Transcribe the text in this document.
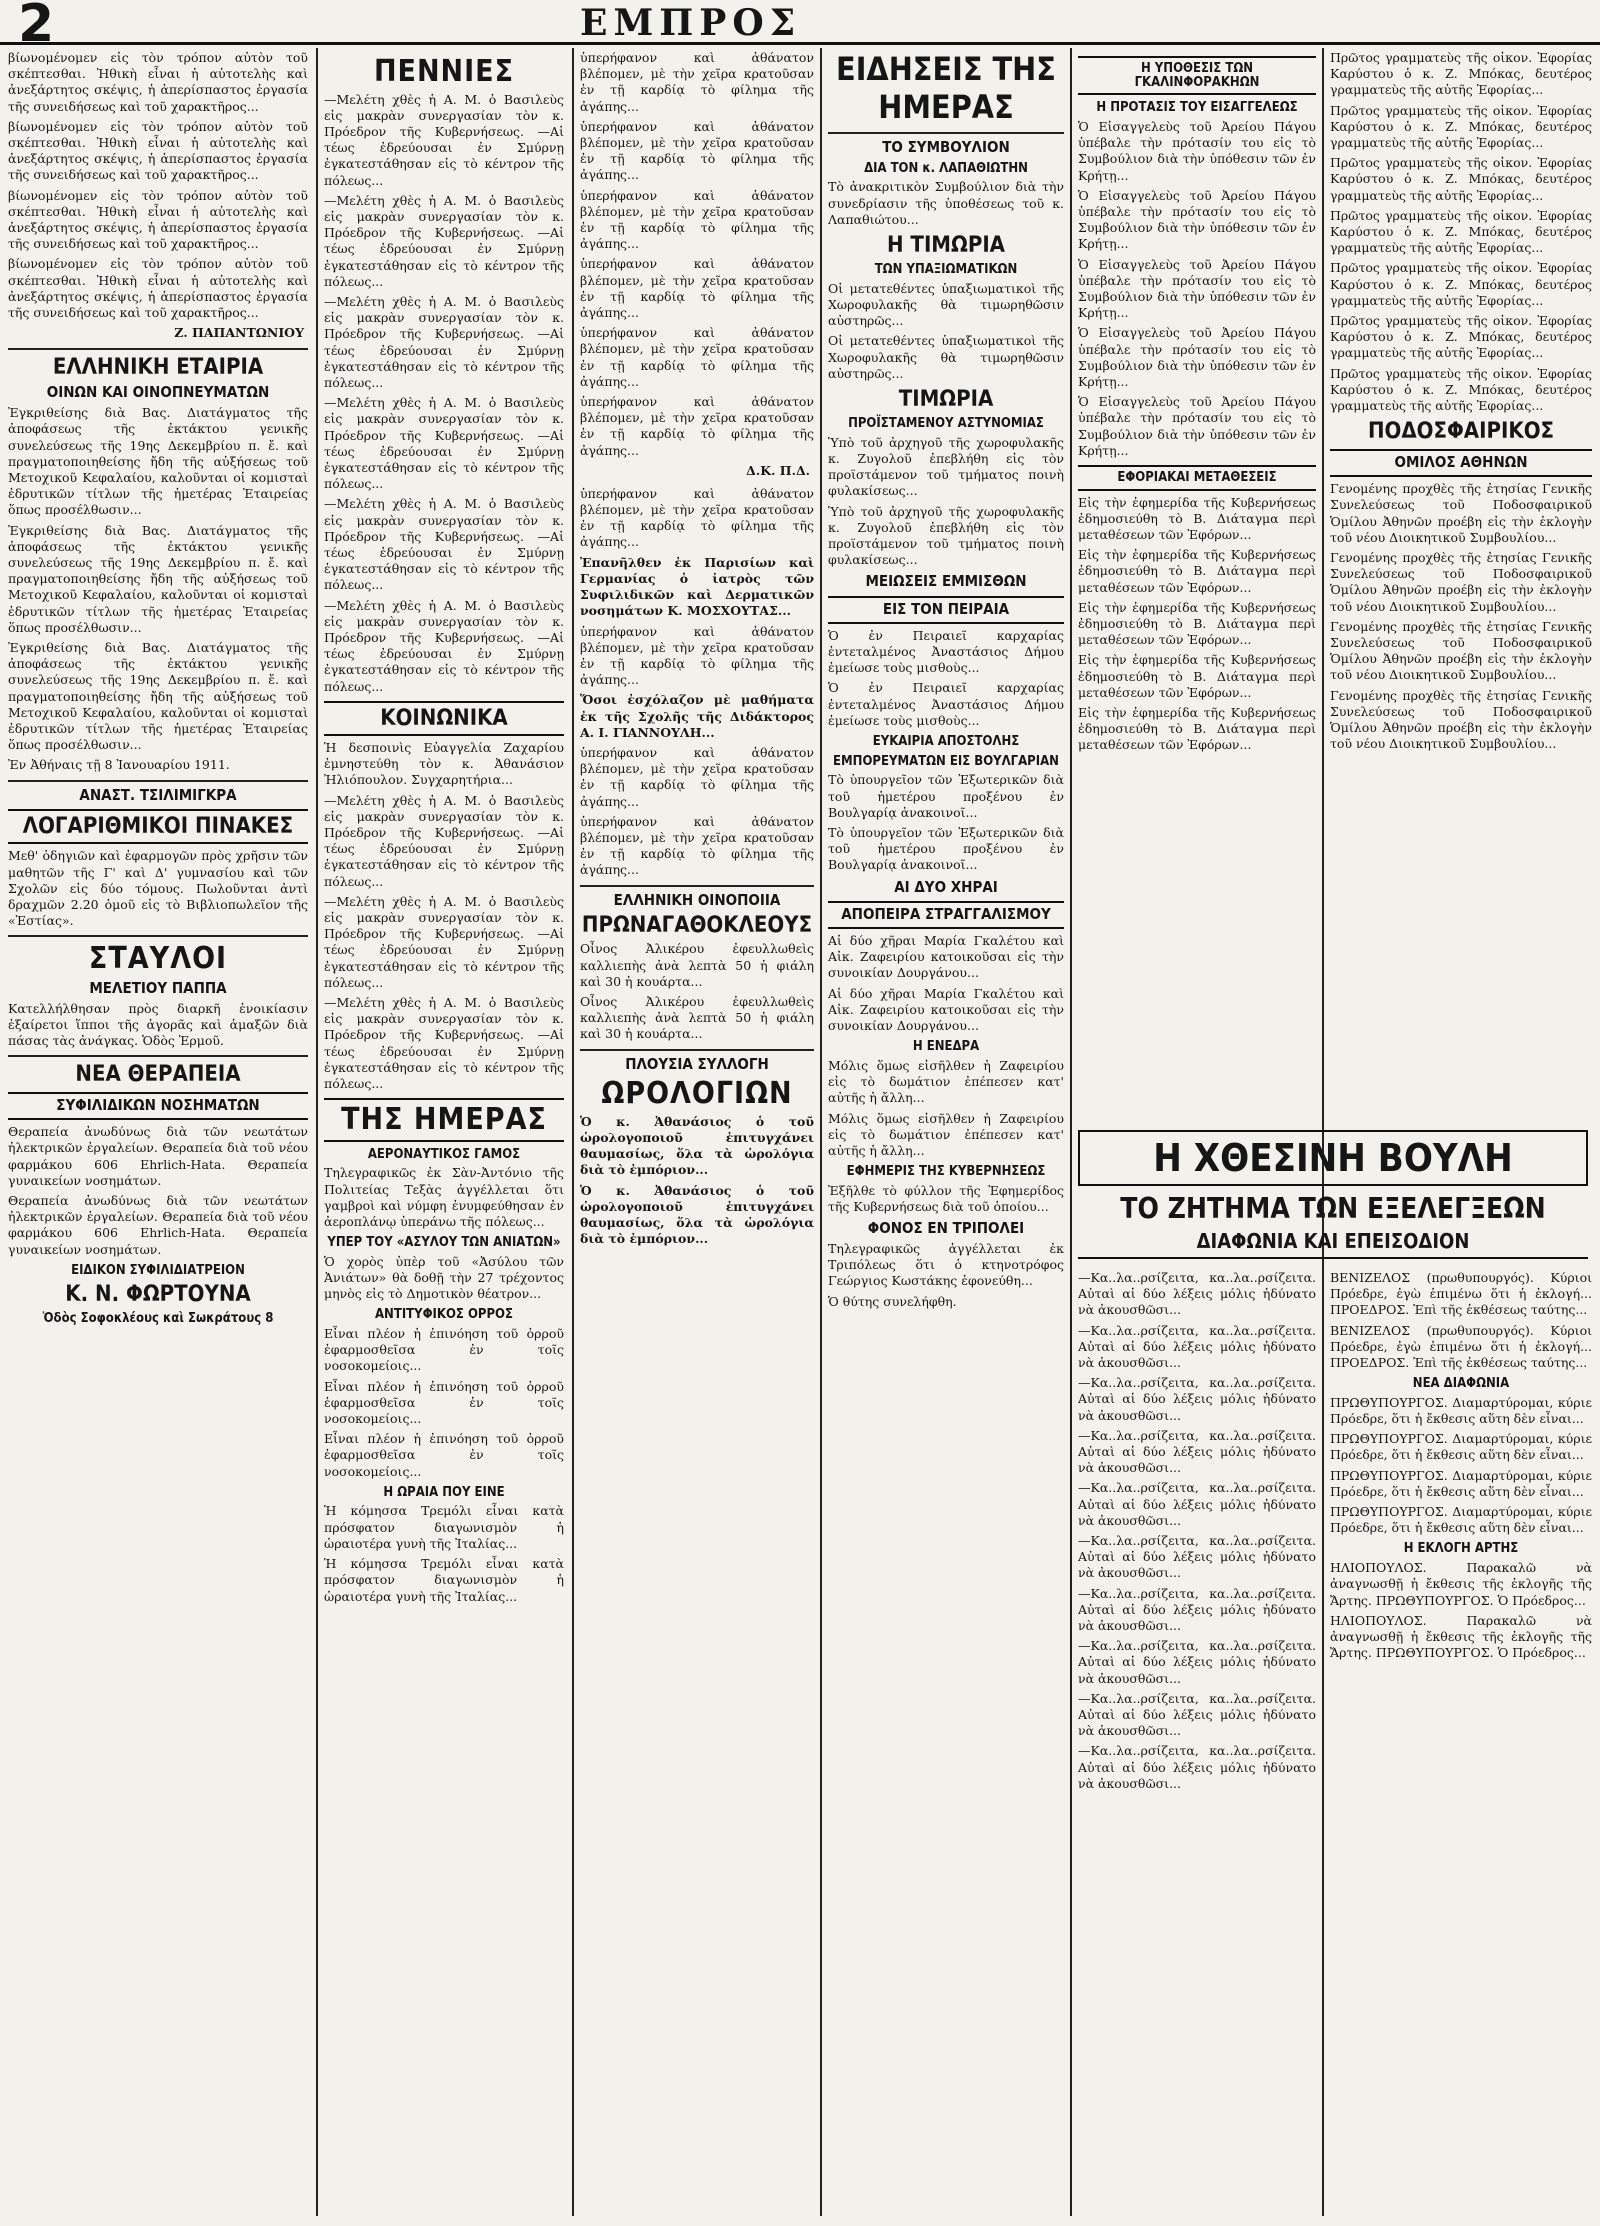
2	ΕΜΠΡΟΣ

βίωνομένομεν εἰς τὸν τρόπον αὐτὸν τοῦ σκέπτεσθαι. Ἠθικὴ εἶναι ἡ αὐτοτελὴς καὶ ἀνεξάρτητος σκέψις, ἡ ἀπερίσπαστος ἐργασία τῆς συνειδήσεως καὶ τοῦ χαρακτῆρος...

βίωνομένομεν εἰς τὸν τρόπον αὐτὸν τοῦ σκέπτεσθαι. Ἠθικὴ εἶναι ἡ αὐτοτελὴς καὶ ἀνεξάρτητος σκέψις, ἡ ἀπερίσπαστος ἐργασία τῆς συνειδήσεως καὶ τοῦ χαρακτῆρος...

βίωνομένομεν εἰς τὸν τρόπον αὐτὸν τοῦ σκέπτεσθαι. Ἠθικὴ εἶναι ἡ αὐτοτελὴς καὶ ἀνεξάρτητος σκέψις, ἡ ἀπερίσπαστος ἐργασία τῆς συνειδήσεως καὶ τοῦ χαρακτῆρος...

βίωνομένομεν εἰς τὸν τρόπον αὐτὸν τοῦ σκέπτεσθαι. Ἠθικὴ εἶναι ἡ αὐτοτελὴς καὶ ἀνεξάρτητος σκέψις, ἡ ἀπερίσπαστος ἐργασία τῆς συνειδήσεως καὶ τοῦ χαρακτῆρος...

Ζ. ΠΑΠΑΝΤΩΝΙΟΥ
ΕΛΛΗΝΙΚΗ ΕΤΑΙΡΙΑ
ΟΙΝΩΝ ΚΑΙ ΟΙΝΟΠΝΕΥΜΑΤΩΝ

Ἐγκριθείσης διὰ Βας. Διατάγματος τῆς ἀποφάσεως τῆς ἐκτάκτου γενικῆς συνελεύσεως τῆς 19ης Δεκεμβρίου π. ἔ. καὶ πραγματοποιηθείσης ἤδη τῆς αὐξήσεως τοῦ Μετοχικοῦ Κεφαλαίου, καλοῦνται οἱ κομισταὶ ἐδρυτικῶν τίτλων τῆς ἡμετέρας Ἑταιρείας ὅπως προσέλθωσιν...

Ἐγκριθείσης διὰ Βας. Διατάγματος τῆς ἀποφάσεως τῆς ἐκτάκτου γενικῆς συνελεύσεως τῆς 19ης Δεκεμβρίου π. ἔ. καὶ πραγματοποιηθείσης ἤδη τῆς αὐξήσεως τοῦ Μετοχικοῦ Κεφαλαίου, καλοῦνται οἱ κομισταὶ ἐδρυτικῶν τίτλων τῆς ἡμετέρας Ἑταιρείας ὅπως προσέλθωσιν...

Ἐγκριθείσης διὰ Βας. Διατάγματος τῆς ἀποφάσεως τῆς ἐκτάκτου γενικῆς συνελεύσεως τῆς 19ης Δεκεμβρίου π. ἔ. καὶ πραγματοποιηθείσης ἤδη τῆς αὐξήσεως τοῦ Μετοχικοῦ Κεφαλαίου, καλοῦνται οἱ κομισταὶ ἐδρυτικῶν τίτλων τῆς ἡμετέρας Ἑταιρείας ὅπως προσέλθωσιν...

Ἐν Ἀθήναις τῇ 8 Ἰανουαρίου 1911.

ΑΝΑΣΤ. ΤΣΙΛΙΜΙΓΚΡΑ
ΛΟΓΑΡΙΘΜΙΚΟΙ ΠΙΝΑΚΕΣ

Μεθ' ὁδηγιῶν καὶ ἐφαρμογῶν πρὸς χρῆσιν τῶν μαθητῶν τῆς Γ' καὶ Δ' γυμνασίου καὶ τῶν Σχολῶν εἰς δύο τόμους. Πωλοῦνται ἀντὶ δραχμῶν 2.20 ὁμοῦ εἰς τὸ Βιβλιοπωλεῖον τῆς «Ἑστίας».

ΣΤΑΥΛΟΙ
ΜΕΛΕΤΙΟΥ ΠΑΠΠΑ

Κατελλήλθησαν πρὸς διαρκῆ ἐνοικίασιν ἐξαίρετοι ἵπποι τῆς ἀγορᾶς καὶ ἁμαξῶν διὰ πάσας τὰς ἀνάγκας. Ὁδὸς Ἑρμοῦ.

ΝΕΑ ΘΕΡΑΠΕΙΑ
ΣΥΦΙΛΙΔΙΚΩΝ ΝΟΣΗΜΑΤΩΝ

Θεραπεία ἀνωδύνως διὰ τῶν νεωτάτων ἠλεκτρικῶν ἐργαλείων. Θεραπεία διὰ τοῦ νέου φαρμάκου 606 Ehrlich-Hata. Θεραπεία γυναικείων νοσημάτων.

Θεραπεία ἀνωδύνως διὰ τῶν νεωτάτων ἠλεκτρικῶν ἐργαλείων. Θεραπεία διὰ τοῦ νέου φαρμάκου 606 Ehrlich-Hata. Θεραπεία γυναικείων νοσημάτων.

ΕΙΔΙΚΟΝ ΣΥΦΙΛΙΔΙΑΤΡΕΙΟΝ
Κ. Ν. ΦΩΡΤΟΥΝΑ
Ὁδὸς Σοφοκλέους καὶ Σωκράτους 8
ΠΕΝΝΙΕΣ

—Μελέτη χθὲς ἡ Α. Μ. ὁ Βασιλεὺς εἰς μακρὰν συνεργασίαν τὸν κ. Πρόεδρον τῆς Κυβερνήσεως. —Αἱ τέως ἐδρεύουσαι ἐν Σμύρνῃ ἐγκατεστάθησαν εἰς τὸ κέντρον τῆς πόλεως...

—Μελέτη χθὲς ἡ Α. Μ. ὁ Βασιλεὺς εἰς μακρὰν συνεργασίαν τὸν κ. Πρόεδρον τῆς Κυβερνήσεως. —Αἱ τέως ἐδρεύουσαι ἐν Σμύρνῃ ἐγκατεστάθησαν εἰς τὸ κέντρον τῆς πόλεως...

—Μελέτη χθὲς ἡ Α. Μ. ὁ Βασιλεὺς εἰς μακρὰν συνεργασίαν τὸν κ. Πρόεδρον τῆς Κυβερνήσεως. —Αἱ τέως ἐδρεύουσαι ἐν Σμύρνῃ ἐγκατεστάθησαν εἰς τὸ κέντρον τῆς πόλεως...

—Μελέτη χθὲς ἡ Α. Μ. ὁ Βασιλεὺς εἰς μακρὰν συνεργασίαν τὸν κ. Πρόεδρον τῆς Κυβερνήσεως. —Αἱ τέως ἐδρεύουσαι ἐν Σμύρνῃ ἐγκατεστάθησαν εἰς τὸ κέντρον τῆς πόλεως...

—Μελέτη χθὲς ἡ Α. Μ. ὁ Βασιλεὺς εἰς μακρὰν συνεργασίαν τὸν κ. Πρόεδρον τῆς Κυβερνήσεως. —Αἱ τέως ἐδρεύουσαι ἐν Σμύρνῃ ἐγκατεστάθησαν εἰς τὸ κέντρον τῆς πόλεως...

—Μελέτη χθὲς ἡ Α. Μ. ὁ Βασιλεὺς εἰς μακρὰν συνεργασίαν τὸν κ. Πρόεδρον τῆς Κυβερνήσεως. —Αἱ τέως ἐδρεύουσαι ἐν Σμύρνῃ ἐγκατεστάθησαν εἰς τὸ κέντρον τῆς πόλεως...

ΚΟΙΝΩΝΙΚΑ

Ἡ δεσποινὶς Εὐαγγελία Ζαχαρίου ἐμνηστεύθη τὸν κ. Ἀθανάσιον Ἠλιόπουλον. Συγχαρητήρια...

—Μελέτη χθὲς ἡ Α. Μ. ὁ Βασιλεὺς εἰς μακρὰν συνεργασίαν τὸν κ. Πρόεδρον τῆς Κυβερνήσεως. —Αἱ τέως ἐδρεύουσαι ἐν Σμύρνῃ ἐγκατεστάθησαν εἰς τὸ κέντρον τῆς πόλεως...

—Μελέτη χθὲς ἡ Α. Μ. ὁ Βασιλεὺς εἰς μακρὰν συνεργασίαν τὸν κ. Πρόεδρον τῆς Κυβερνήσεως. —Αἱ τέως ἐδρεύουσαι ἐν Σμύρνῃ ἐγκατεστάθησαν εἰς τὸ κέντρον τῆς πόλεως...

—Μελέτη χθὲς ἡ Α. Μ. ὁ Βασιλεὺς εἰς μακρὰν συνεργασίαν τὸν κ. Πρόεδρον τῆς Κυβερνήσεως. —Αἱ τέως ἐδρεύουσαι ἐν Σμύρνῃ ἐγκατεστάθησαν εἰς τὸ κέντρον τῆς πόλεως...

ΤΗΣ ΗΜΕΡΑΣ
ΑΕΡΟΝΑΥΤΙΚΟΣ ΓΑΜΟΣ

Τηλεγραφικῶς ἐκ Σὰν-Ἀντόνιο τῆς Πολιτείας Τεξὰς ἀγγέλλεται ὅτι γαμβροὶ καὶ νύμφη ἐνυμφεύθησαν ἐν ἀεροπλάνῳ ὑπεράνω τῆς πόλεως...

ΥΠΕΡ ΤΟΥ «ΑΣΥΛΟΥ ΤΩΝ ΑΝΙΑΤΩΝ»

Ὁ χορὸς ὑπὲρ τοῦ «Ἀσύλου τῶν Ἀνιάτων» θὰ δοθῇ τὴν 27 τρέχοντος μηνὸς εἰς τὸ Δημοτικὸν θέατρον...

ΑΝΤΙΤΥΦΙΚΟΣ ΟΡΡΟΣ

Εἶναι πλέον ἡ ἐπινόηση τοῦ ὀρροῦ ἐφαρμοσθεῖσα ἐν τοῖς νοσοκομείοις...

Εἶναι πλέον ἡ ἐπινόηση τοῦ ὀρροῦ ἐφαρμοσθεῖσα ἐν τοῖς νοσοκομείοις...

Εἶναι πλέον ἡ ἐπινόηση τοῦ ὀρροῦ ἐφαρμοσθεῖσα ἐν τοῖς νοσοκομείοις...

Η ΩΡΑΙΑ ΠΟΥ ΕΙΝΕ

Ἡ κόμησσα Τρεμόλι εἶναι κατὰ πρόσφατον διαγωνισμὸν ἡ ὡραιοτέρα γυνὴ τῆς Ἰταλίας...

Ἡ κόμησσα Τρεμόλι εἶναι κατὰ πρόσφατον διαγωνισμὸν ἡ ὡραιοτέρα γυνὴ τῆς Ἰταλίας...

ὑπερήφανον καὶ ἀθάνατον βλέπομεν, μὲ τὴν χεῖρα κρατοῦσαν ἐν τῇ καρδίᾳ τὸ φίλημα τῆς ἀγάπης...

ὑπερήφανον καὶ ἀθάνατον βλέπομεν, μὲ τὴν χεῖρα κρατοῦσαν ἐν τῇ καρδίᾳ τὸ φίλημα τῆς ἀγάπης...

ὑπερήφανον καὶ ἀθάνατον βλέπομεν, μὲ τὴν χεῖρα κρατοῦσαν ἐν τῇ καρδίᾳ τὸ φίλημα τῆς ἀγάπης...

ὑπερήφανον καὶ ἀθάνατον βλέπομεν, μὲ τὴν χεῖρα κρατοῦσαν ἐν τῇ καρδίᾳ τὸ φίλημα τῆς ἀγάπης...

ὑπερήφανον καὶ ἀθάνατον βλέπομεν, μὲ τὴν χεῖρα κρατοῦσαν ἐν τῇ καρδίᾳ τὸ φίλημα τῆς ἀγάπης...

ὑπερήφανον καὶ ἀθάνατον βλέπομεν, μὲ τὴν χεῖρα κρατοῦσαν ἐν τῇ καρδίᾳ τὸ φίλημα τῆς ἀγάπης...

Δ.Κ. Π.Δ.

ὑπερήφανον καὶ ἀθάνατον βλέπομεν, μὲ τὴν χεῖρα κρατοῦσαν ἐν τῇ καρδίᾳ τὸ φίλημα τῆς ἀγάπης...

Ἐπανῆλθεν ἐκ Παρισίων καὶ Γερμανίας ὁ ἰατρὸς τῶν Συφιλιδικῶν καὶ Δερματικῶν νοσημάτων Κ. ΜΟΣΧΟΥΤΑΣ...

ὑπερήφανον καὶ ἀθάνατον βλέπομεν, μὲ τὴν χεῖρα κρατοῦσαν ἐν τῇ καρδίᾳ τὸ φίλημα τῆς ἀγάπης...

Ὅσοι ἐσχόλαζον μὲ μαθήματα ἐκ τῆς Σχολῆς τῆς Διδάκτορος Α. Ι. ΓΙΑΝΝΟΥΛΗ...

ὑπερήφανον καὶ ἀθάνατον βλέπομεν, μὲ τὴν χεῖρα κρατοῦσαν ἐν τῇ καρδίᾳ τὸ φίλημα τῆς ἀγάπης...

ὑπερήφανον καὶ ἀθάνατον βλέπομεν, μὲ τὴν χεῖρα κρατοῦσαν ἐν τῇ καρδίᾳ τὸ φίλημα τῆς ἀγάπης...

ΕΛΛΗΝΙΚΗ ΟΙΝΟΠΟΙΙΑ
ΠΡΩΝΑΓΑΘΟΚΛΕΟΥΣ

Οἶνος Ἀλικέρου ἐφευλλωθεὶς καλλιεπὴς ἀνὰ λεπτὰ 50 ἡ φιάλη καὶ 30 ἡ κουάρτα...

Οἶνος Ἀλικέρου ἐφευλλωθεὶς καλλιεπὴς ἀνὰ λεπτὰ 50 ἡ φιάλη καὶ 30 ἡ κουάρτα...

ΠΛΟΥΣΙΑ ΣΥΛΛΟΓΗ
ΩΡΟΛΟΓΙΩΝ

Ὁ κ. Ἀθανάσιος ὁ τοῦ ὡρολογοποιοῦ ἐπιτυγχάνει θαυμασίως, ὅλα τὰ ὡρολόγια διὰ τὸ ἐμπόριον...

Ὁ κ. Ἀθανάσιος ὁ τοῦ ὡρολογοποιοῦ ἐπιτυγχάνει θαυμασίως, ὅλα τὰ ὡρολόγια διὰ τὸ ἐμπόριον...

ΕΙΔΗΣΕΙΣ ΤΗΣ ΗΜΕΡΑΣ
ΤΟ ΣΥΜΒΟΥΛΙΟΝ
ΔΙΑ ΤΟΝ κ. ΛΑΠΑΘΙΩΤΗΝ

Τὸ ἀνακριτικὸν Συμβούλιον διὰ τὴν συνεδρίασιν τῆς ὑποθέσεως τοῦ κ. Λαπαθιώτου...

Η ΤΙΜΩΡΙΑ
ΤΩΝ ΥΠΑΞΙΩΜΑΤΙΚΩΝ

Οἱ μετατεθέντες ὑπαξιωματικοὶ τῆς Χωροφυλακῆς θὰ τιμωρηθῶσιν αὐστηρῶς...

Οἱ μετατεθέντες ὑπαξιωματικοὶ τῆς Χωροφυλακῆς θὰ τιμωρηθῶσιν αὐστηρῶς...

ΤΙΜΩΡΙΑ
ΠΡΟΪΣΤΑΜΕΝΟΥ ΑΣΤΥΝΟΜΙΑΣ

Ὑπὸ τοῦ ἀρχηγοῦ τῆς χωροφυλακῆς κ. Ζυγολοῦ ἐπεβλήθη εἰς τὸν προϊστάμενον τοῦ τμήματος ποινὴ φυλακίσεως...

Ὑπὸ τοῦ ἀρχηγοῦ τῆς χωροφυλακῆς κ. Ζυγολοῦ ἐπεβλήθη εἰς τὸν προϊστάμενον τοῦ τμήματος ποινὴ φυλακίσεως...

ΜΕΙΩΣΕΙΣ ΕΜΜΙΣΘΩΝ
ΕΙΣ ΤΟΝ ΠΕΙΡΑΙΑ

Ὁ ἐν Πειραιεῖ καρχαρίας ἐντεταλμένος Ἀναστάσιος Δήμου ἐμείωσε τοὺς μισθοὺς...

Ὁ ἐν Πειραιεῖ καρχαρίας ἐντεταλμένος Ἀναστάσιος Δήμου ἐμείωσε τοὺς μισθοὺς...

ΕΥΚΑΙΡΙΑ ΑΠΟΣΤΟΛΗΣ
ΕΜΠΟΡΕΥΜΑΤΩΝ ΕΙΣ ΒΟΥΛΓΑΡΙΑΝ

Τὸ ὑπουργεῖον τῶν Ἐξωτερικῶν διὰ τοῦ ἡμετέρου προξένου ἐν Βουλγαρίᾳ ἀνακοινοῖ...

Τὸ ὑπουργεῖον τῶν Ἐξωτερικῶν διὰ τοῦ ἡμετέρου προξένου ἐν Βουλγαρίᾳ ἀνακοινοῖ...

ΑΙ ΔΥΟ ΧΗΡΑΙ
ΑΠΟΠΕΙΡΑ ΣΤΡΑΓΓΑΛΙΣΜΟΥ

Αἱ δύο χῆραι Μαρία Γκαλέτου καὶ Αἰκ. Ζαφειρίου κατοικοῦσαι εἰς τὴν συνοικίαν Δουργάνου...

Αἱ δύο χῆραι Μαρία Γκαλέτου καὶ Αἰκ. Ζαφειρίου κατοικοῦσαι εἰς τὴν συνοικίαν Δουργάνου...

Η ΕΝΕΔΡΑ

Μόλις ὅμως εἰσῆλθεν ἡ Ζαφειρίου εἰς τὸ δωμάτιον ἐπέπεσεν κατ' αὐτῆς ἡ ἄλλη...

Μόλις ὅμως εἰσῆλθεν ἡ Ζαφειρίου εἰς τὸ δωμάτιον ἐπέπεσεν κατ' αὐτῆς ἡ ἄλλη...

ΕΦΗΜΕΡΙΣ ΤΗΣ ΚΥΒΕΡΝΗΣΕΩΣ

Ἐξῆλθε τὸ φύλλον τῆς Ἐφημερίδος τῆς Κυβερνήσεως διὰ τοῦ ὁποίου...

ΦΟΝΟΣ ΕΝ ΤΡΙΠΟΛΕΙ

Τηλεγραφικῶς ἀγγέλλεται ἐκ Τριπόλεως ὅτι ὁ κτηνοτρόφος Γεώργιος Κωστάκης ἐφονεύθη...

Ὁ θύτης συνελήφθη.

Η ΥΠΟΘΕΣΙΣ ΤΩΝ ΓΚΑΛΙΝΦΟΡΑΚΗΩΝ
Η ΠΡΟΤΑΣΙΣ ΤΟΥ ΕΙΣΑΓΓΕΛΕΩΣ

Ὁ Εἰσαγγελεὺς τοῦ Ἀρείου Πάγου ὑπέβαλε τὴν πρότασίν του εἰς τὸ Συμβούλιον διὰ τὴν ὑπόθεσιν τῶν ἐν Κρήτῃ...

Ὁ Εἰσαγγελεὺς τοῦ Ἀρείου Πάγου ὑπέβαλε τὴν πρότασίν του εἰς τὸ Συμβούλιον διὰ τὴν ὑπόθεσιν τῶν ἐν Κρήτῃ...

Ὁ Εἰσαγγελεὺς τοῦ Ἀρείου Πάγου ὑπέβαλε τὴν πρότασίν του εἰς τὸ Συμβούλιον διὰ τὴν ὑπόθεσιν τῶν ἐν Κρήτῃ...

Ὁ Εἰσαγγελεὺς τοῦ Ἀρείου Πάγου ὑπέβαλε τὴν πρότασίν του εἰς τὸ Συμβούλιον διὰ τὴν ὑπόθεσιν τῶν ἐν Κρήτῃ...

Ὁ Εἰσαγγελεὺς τοῦ Ἀρείου Πάγου ὑπέβαλε τὴν πρότασίν του εἰς τὸ Συμβούλιον διὰ τὴν ὑπόθεσιν τῶν ἐν Κρήτῃ...

ΕΦΟΡΙΑΚΑΙ ΜΕΤΑΘΕΣΕΙΣ

Εἰς τὴν ἐφημερίδα τῆς Κυβερνήσεως ἐδημοσιεύθη τὸ Β. Διάταγμα περὶ μεταθέσεων τῶν Ἐφόρων...

Εἰς τὴν ἐφημερίδα τῆς Κυβερνήσεως ἐδημοσιεύθη τὸ Β. Διάταγμα περὶ μεταθέσεων τῶν Ἐφόρων...

Εἰς τὴν ἐφημερίδα τῆς Κυβερνήσεως ἐδημοσιεύθη τὸ Β. Διάταγμα περὶ μεταθέσεων τῶν Ἐφόρων...

Εἰς τὴν ἐφημερίδα τῆς Κυβερνήσεως ἐδημοσιεύθη τὸ Β. Διάταγμα περὶ μεταθέσεων τῶν Ἐφόρων...

Εἰς τὴν ἐφημερίδα τῆς Κυβερνήσεως ἐδημοσιεύθη τὸ Β. Διάταγμα περὶ μεταθέσεων τῶν Ἐφόρων...

Η ΧΘΕΣΙΝΗ ΒΟΥΛΗ
ΤΟ ΖΗΤΗΜΑ ΤΩΝ ΕΞΕΛΕΓΞΕΩΝ
ΔΙΑΦΩΝΙΑ ΚΑΙ ΕΠΕΙΣΟΔΙΟΝ

—Κα..λα..ρσίζειτα, κα..λα..ρσίζειτα. Αὐταὶ αἱ δύο λέξεις μόλις ἠδύνατο νὰ ἀκουσθῶσι...

—Κα..λα..ρσίζειτα, κα..λα..ρσίζειτα. Αὐταὶ αἱ δύο λέξεις μόλις ἠδύνατο νὰ ἀκουσθῶσι...

—Κα..λα..ρσίζειτα, κα..λα..ρσίζειτα. Αὐταὶ αἱ δύο λέξεις μόλις ἠδύνατο νὰ ἀκουσθῶσι...

—Κα..λα..ρσίζειτα, κα..λα..ρσίζειτα. Αὐταὶ αἱ δύο λέξεις μόλις ἠδύνατο νὰ ἀκουσθῶσι...

—Κα..λα..ρσίζειτα, κα..λα..ρσίζειτα. Αὐταὶ αἱ δύο λέξεις μόλις ἠδύνατο νὰ ἀκουσθῶσι...

—Κα..λα..ρσίζειτα, κα..λα..ρσίζειτα. Αὐταὶ αἱ δύο λέξεις μόλις ἠδύνατο νὰ ἀκουσθῶσι...

—Κα..λα..ρσίζειτα, κα..λα..ρσίζειτα. Αὐταὶ αἱ δύο λέξεις μόλις ἠδύνατο νὰ ἀκουσθῶσι...

—Κα..λα..ρσίζειτα, κα..λα..ρσίζειτα. Αὐταὶ αἱ δύο λέξεις μόλις ἠδύνατο νὰ ἀκουσθῶσι...

—Κα..λα..ρσίζειτα, κα..λα..ρσίζειτα. Αὐταὶ αἱ δύο λέξεις μόλις ἠδύνατο νὰ ἀκουσθῶσι...

—Κα..λα..ρσίζειτα, κα..λα..ρσίζειτα. Αὐταὶ αἱ δύο λέξεις μόλις ἠδύνατο νὰ ἀκουσθῶσι...

Πρῶτος γραμματεὺς τῆς οἰκον. Ἐφορίας Καρύστου ὁ κ. Ζ. Μπόκας, δευτέρος γραμματεὺς τῆς αὐτῆς Ἐφορίας...

Πρῶτος γραμματεὺς τῆς οἰκον. Ἐφορίας Καρύστου ὁ κ. Ζ. Μπόκας, δευτέρος γραμματεὺς τῆς αὐτῆς Ἐφορίας...

Πρῶτος γραμματεὺς τῆς οἰκον. Ἐφορίας Καρύστου ὁ κ. Ζ. Μπόκας, δευτέρος γραμματεὺς τῆς αὐτῆς Ἐφορίας...

Πρῶτος γραμματεὺς τῆς οἰκον. Ἐφορίας Καρύστου ὁ κ. Ζ. Μπόκας, δευτέρος γραμματεὺς τῆς αὐτῆς Ἐφορίας...

Πρῶτος γραμματεὺς τῆς οἰκον. Ἐφορίας Καρύστου ὁ κ. Ζ. Μπόκας, δευτέρος γραμματεὺς τῆς αὐτῆς Ἐφορίας...

Πρῶτος γραμματεὺς τῆς οἰκον. Ἐφορίας Καρύστου ὁ κ. Ζ. Μπόκας, δευτέρος γραμματεὺς τῆς αὐτῆς Ἐφορίας...

Πρῶτος γραμματεὺς τῆς οἰκον. Ἐφορίας Καρύστου ὁ κ. Ζ. Μπόκας, δευτέρος γραμματεὺς τῆς αὐτῆς Ἐφορίας...

ΠΟΔΟΣΦΑΙΡΙΚΟΣ
ΟΜΙΛΟΣ ΑΘΗΝΩΝ

Γενομένης προχθὲς τῆς ἐτησίας Γενικῆς Συνελεύσεως τοῦ Ποδοσφαιρικοῦ Ὁμίλου Ἀθηνῶν προέβη εἰς τὴν ἐκλογὴν τοῦ νέου Διοικητικοῦ Συμβουλίου...

Γενομένης προχθὲς τῆς ἐτησίας Γενικῆς Συνελεύσεως τοῦ Ποδοσφαιρικοῦ Ὁμίλου Ἀθηνῶν προέβη εἰς τὴν ἐκλογὴν τοῦ νέου Διοικητικοῦ Συμβουλίου...

Γενομένης προχθὲς τῆς ἐτησίας Γενικῆς Συνελεύσεως τοῦ Ποδοσφαιρικοῦ Ὁμίλου Ἀθηνῶν προέβη εἰς τὴν ἐκλογὴν τοῦ νέου Διοικητικοῦ Συμβουλίου...

Γενομένης προχθὲς τῆς ἐτησίας Γενικῆς Συνελεύσεως τοῦ Ποδοσφαιρικοῦ Ὁμίλου Ἀθηνῶν προέβη εἰς τὴν ἐκλογὴν τοῦ νέου Διοικητικοῦ Συμβουλίου...

ΒΕΝΙΖΕΛΟΣ (πρωθυπουργός). Κύριοι Πρόεδρε, ἐγὼ ἐπιμένω ὅτι ἡ ἐκλογή... ΠΡΟΕΔΡΟΣ. Ἐπὶ τῆς ἐκθέσεως ταύτης...

ΒΕΝΙΖΕΛΟΣ (πρωθυπουργός). Κύριοι Πρόεδρε, ἐγὼ ἐπιμένω ὅτι ἡ ἐκλογή... ΠΡΟΕΔΡΟΣ. Ἐπὶ τῆς ἐκθέσεως ταύτης...

ΝΕΑ ΔΙΑΦΩΝΙΑ

ΠΡΩΘΥΠΟΥΡΓΟΣ. Διαμαρτύρομαι, κύριε Πρόεδρε, ὅτι ἡ ἔκθεσις αὕτη δὲν εἶναι...

ΠΡΩΘΥΠΟΥΡΓΟΣ. Διαμαρτύρομαι, κύριε Πρόεδρε, ὅτι ἡ ἔκθεσις αὕτη δὲν εἶναι...

ΠΡΩΘΥΠΟΥΡΓΟΣ. Διαμαρτύρομαι, κύριε Πρόεδρε, ὅτι ἡ ἔκθεσις αὕτη δὲν εἶναι...

ΠΡΩΘΥΠΟΥΡΓΟΣ. Διαμαρτύρομαι, κύριε Πρόεδρε, ὅτι ἡ ἔκθεσις αὕτη δὲν εἶναι...

Η ΕΚΛΟΓΗ ΑΡΤΗΣ

ΗΛΙΟΠΟΥΛΟΣ. Παρακαλῶ νὰ ἀναγνωσθῇ ἡ ἔκθεσις τῆς ἐκλογῆς τῆς Ἄρτης. ΠΡΩΘΥΠΟΥΡΓΟΣ. Ὁ Πρόεδρος...

ΗΛΙΟΠΟΥΛΟΣ. Παρακαλῶ νὰ ἀναγνωσθῇ ἡ ἔκθεσις τῆς ἐκλογῆς τῆς Ἄρτης. ΠΡΩΘΥΠΟΥΡΓΟΣ. Ὁ Πρόεδρος...
